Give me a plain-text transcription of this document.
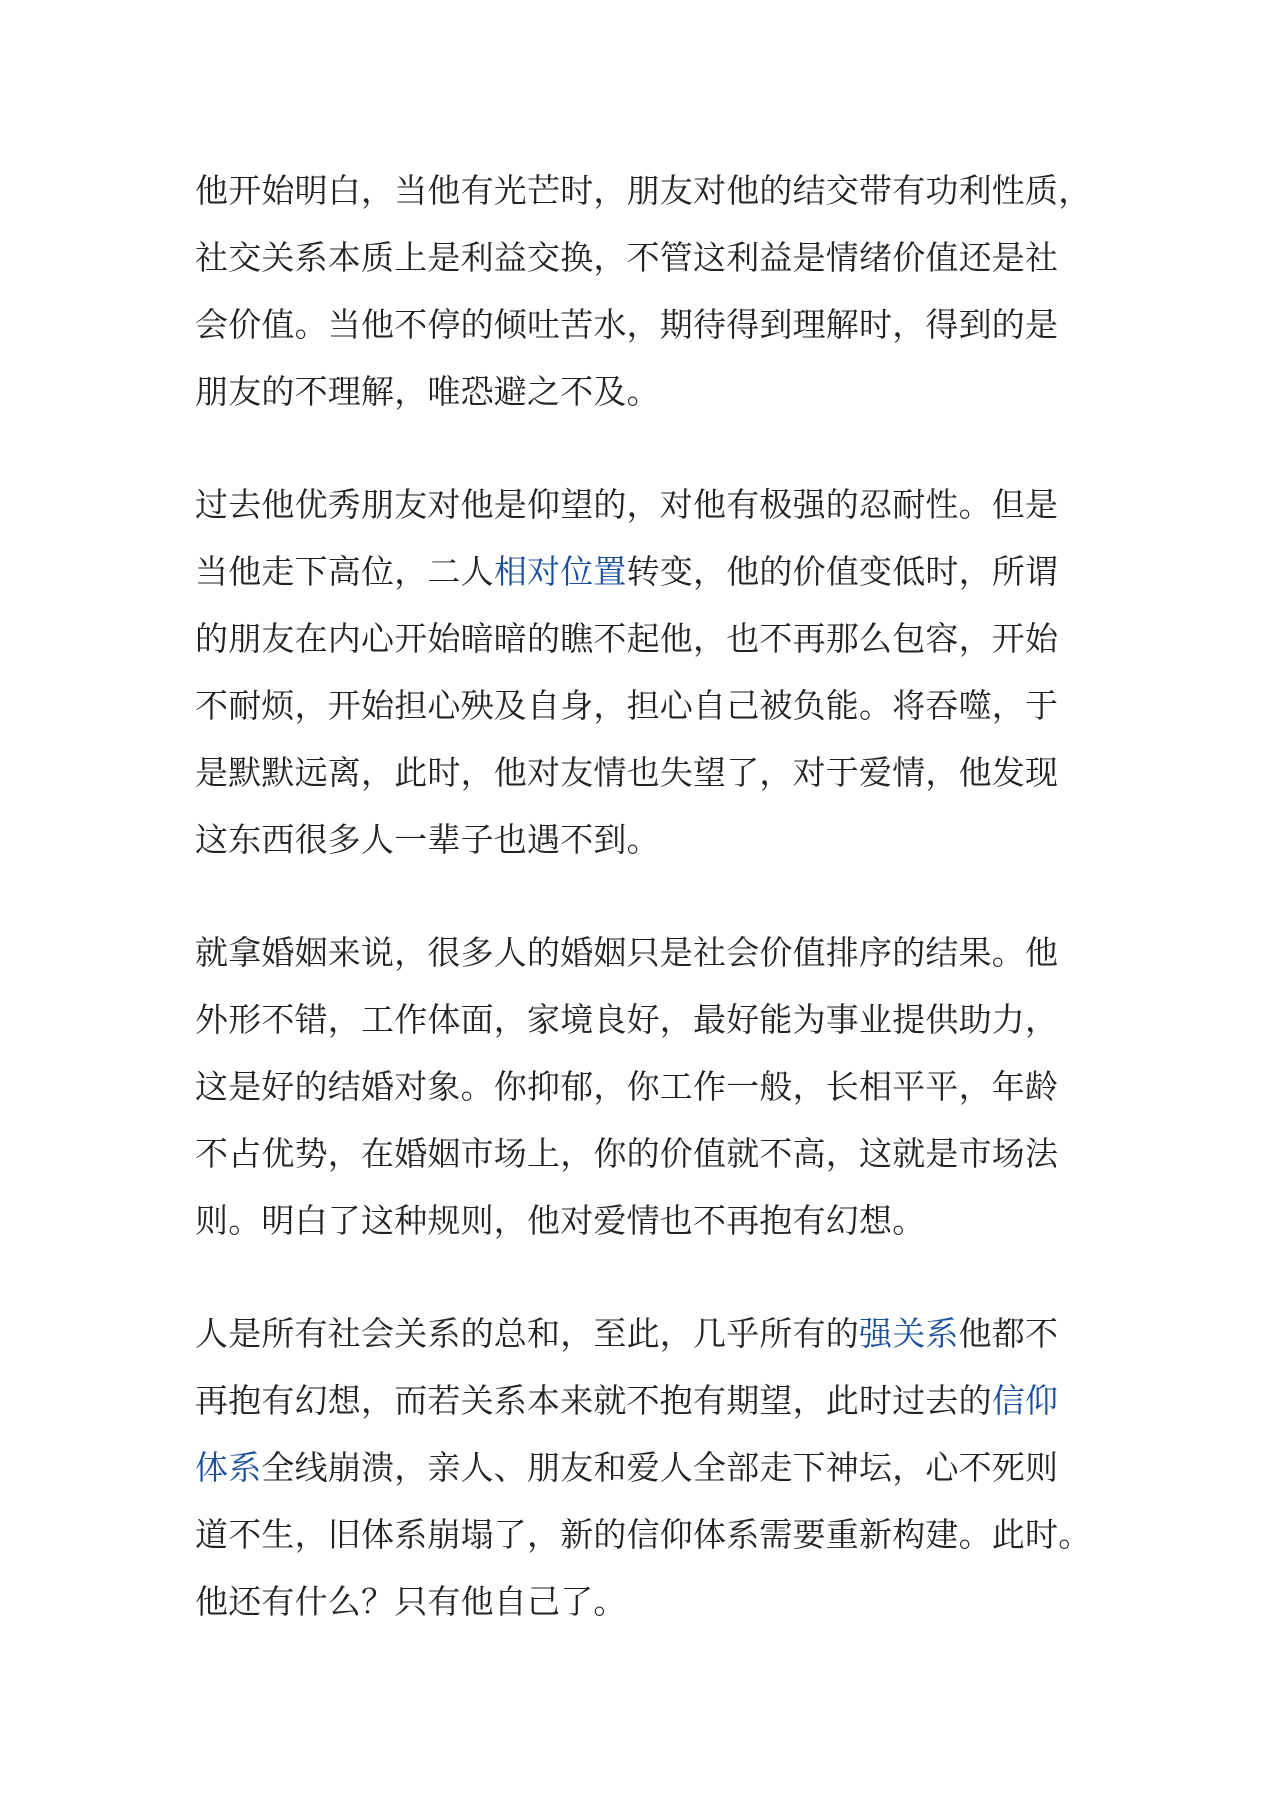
他开始明白，当他有光芒时，朋友对他的结交带有功利性质，
社交关系本质上是利益交换，不管这利益是情绪价值还是社
会价值。当他不停的倾吐苦水，期待得到理解时，得到的是
朋友的不理解，唯恐避之不及。
过去他优秀朋友对他是仰望的，对他有极强的忍耐性。但是
当他走下高位，二人相对位置转变，他的价值变低时，所谓
的朋友在内心开始暗暗的瞧不起他，也不再那么包容，开始
不耐烦，开始担心殃及自身，担心自己被负能。将吞噬，于
是默默远离，此时，他对友情也失望了，对于爱情，他发现
这东西很多人一辈子也遇不到。
就拿婚姻来说，很多人的婚姻只是社会价值排序的结果。他
外形不错，工作体面，家境良好，最好能为事业提供助力，
这是好的结婚对象。你抑郁，你工作一般，长相平平，年龄
不占优势，在婚姻市场上，你的价值就不高，这就是市场法
则。明白了这种规则，他对爱情也不再抱有幻想。
人是所有社会关系的总和，至此，几乎所有的强关系他都不
再抱有幻想，而若关系本来就不抱有期望，此时过去的信仰
体系全线崩溃，亲人、朋友和爱人全部走下神坛，心不死则
道不生，旧体系崩塌了，新的信仰体系需要重新构建。此时。
他还有什么？只有他自己了。
